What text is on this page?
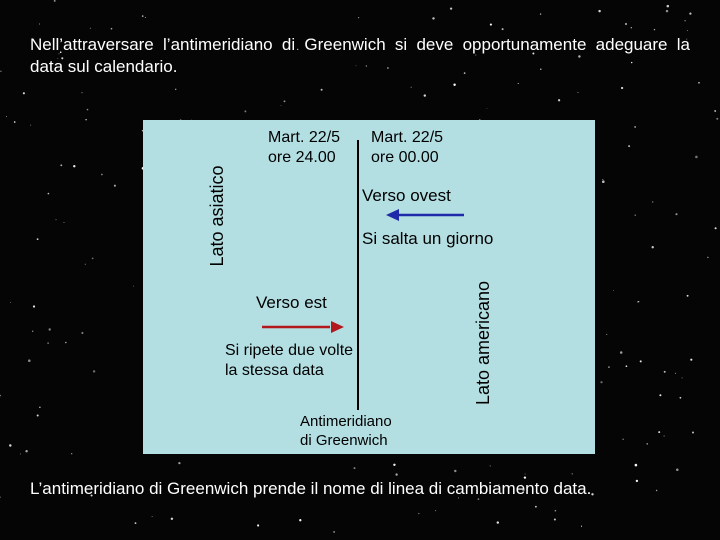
Nell’attraversare l’antimeridiano di Greenwich si deve opportunamente adeguare la data sul calendario.
Mart. 22/5
ore 24.00
Mart. 22/5
ore 00.00
Lato asiatico
Lato americano
Verso ovest
Si salta un giorno
Verso est
Si ripete due volte
la stessa data
Antimeridiano
di Greenwich
L’antimeridiano di Greenwich prende il nome di linea di cambiamento data.
